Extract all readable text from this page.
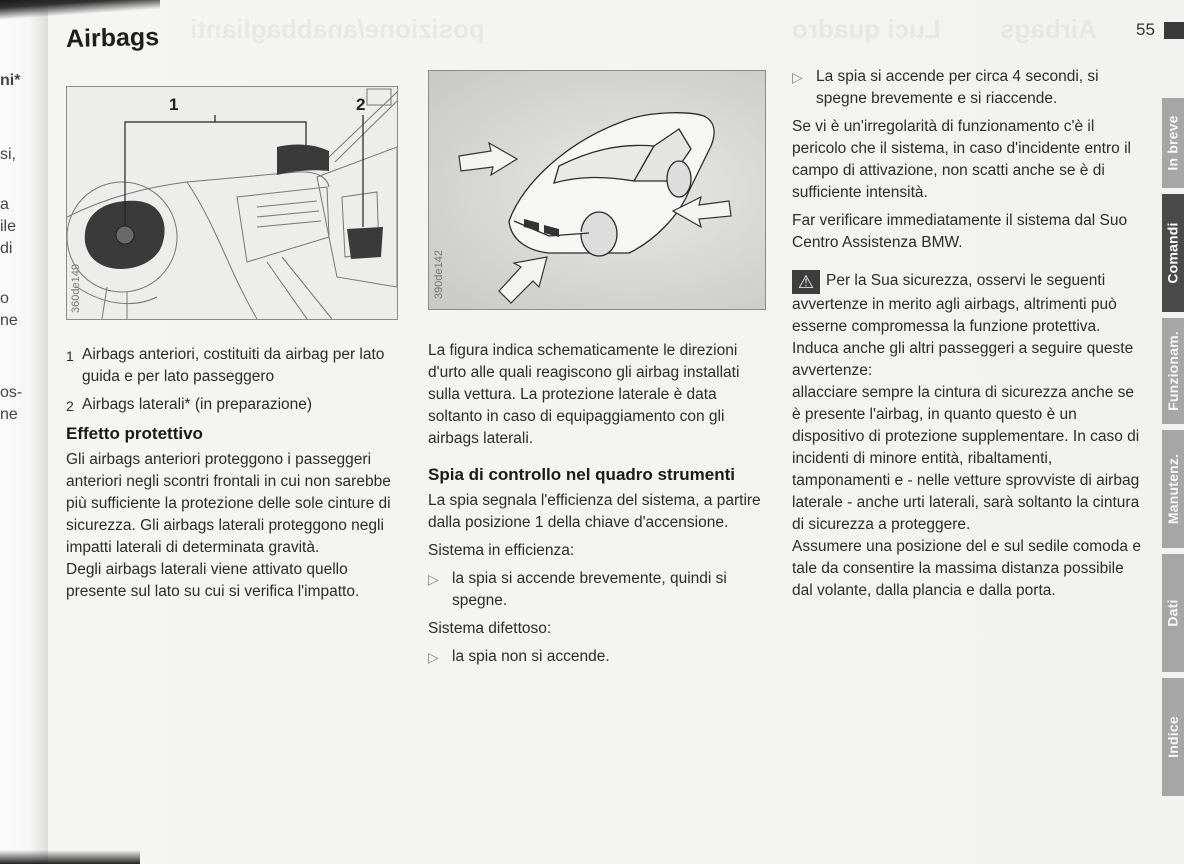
ni*
si,
a
ile
di
o
ne
os-
ne
Luci quadro
posizione/anabbaglianti	Airbags
Airbags	55
1	2
360de149	390de142
1 Airbags anteriori, costituiti da airbag per lato guida e per lato passeggero
2 Airbags laterali* (in preparazione)
Effetto protettivo

Gli airbags anteriori proteggono i passeggeri anteriori negli scontri frontali in cui non sarebbe più sufficiente la protezione delle sole cinture di sicurezza. Gli airbags laterali proteggono negli impatti laterali di determinata gravità.

Degli airbags laterali viene attivato quello presente sul lato su cui si verifica l'impatto.

La figura indica schematicamente le direzioni d'urto alle quali reagiscono gli airbag installati sulla vettura. La protezione laterale è data soltanto in caso di equipaggiamento con gli airbags laterali.

Spia di controllo nel quadro strumenti

La spia segnala l'efficienza del sistema, a partire dalla posizione 1 della chiave d'accensione.

Sistema in efficienza:

▷ la spia si accende brevemente, quindi si spegne.

Sistema difettoso:

▷ la spia non si accende.
▷ La spia si accende per circa 4 secondi, si spegne brevemente e si riaccende.

Se vi è un'irregolarità di funzionamento c'è il pericolo che il sistema, in caso d'incidente entro il campo di attivazione, non scatti anche se è di sufficiente intensità.

Far verificare immediatamente il sistema dal Suo Centro Assistenza BMW.

⚠ Per la Sua sicurezza, osservi le seguenti avvertenze in merito agli airbags, altrimenti può esserne compromessa la funzione protettiva. Induca anche gli altri passeggeri a seguire queste avvertenze:

allacciare sempre la cintura di sicurezza anche se è presente l'airbag, in quanto questo è un dispositivo di protezione supplementare. In caso di incidenti di minore entità, ribaltamenti, tamponamenti e - nelle vetture sprovviste di airbag laterale - anche urti laterali, sarà soltanto la cintura di sicurezza a proteggere.

Assumere una posizione del e sul sedile comoda e tale da consentire la massima distanza possibile dal volante, dalla plancia e dalla porta.

In breve
Comandi
Funzionam.
Manutenz.
Dati
Indice
